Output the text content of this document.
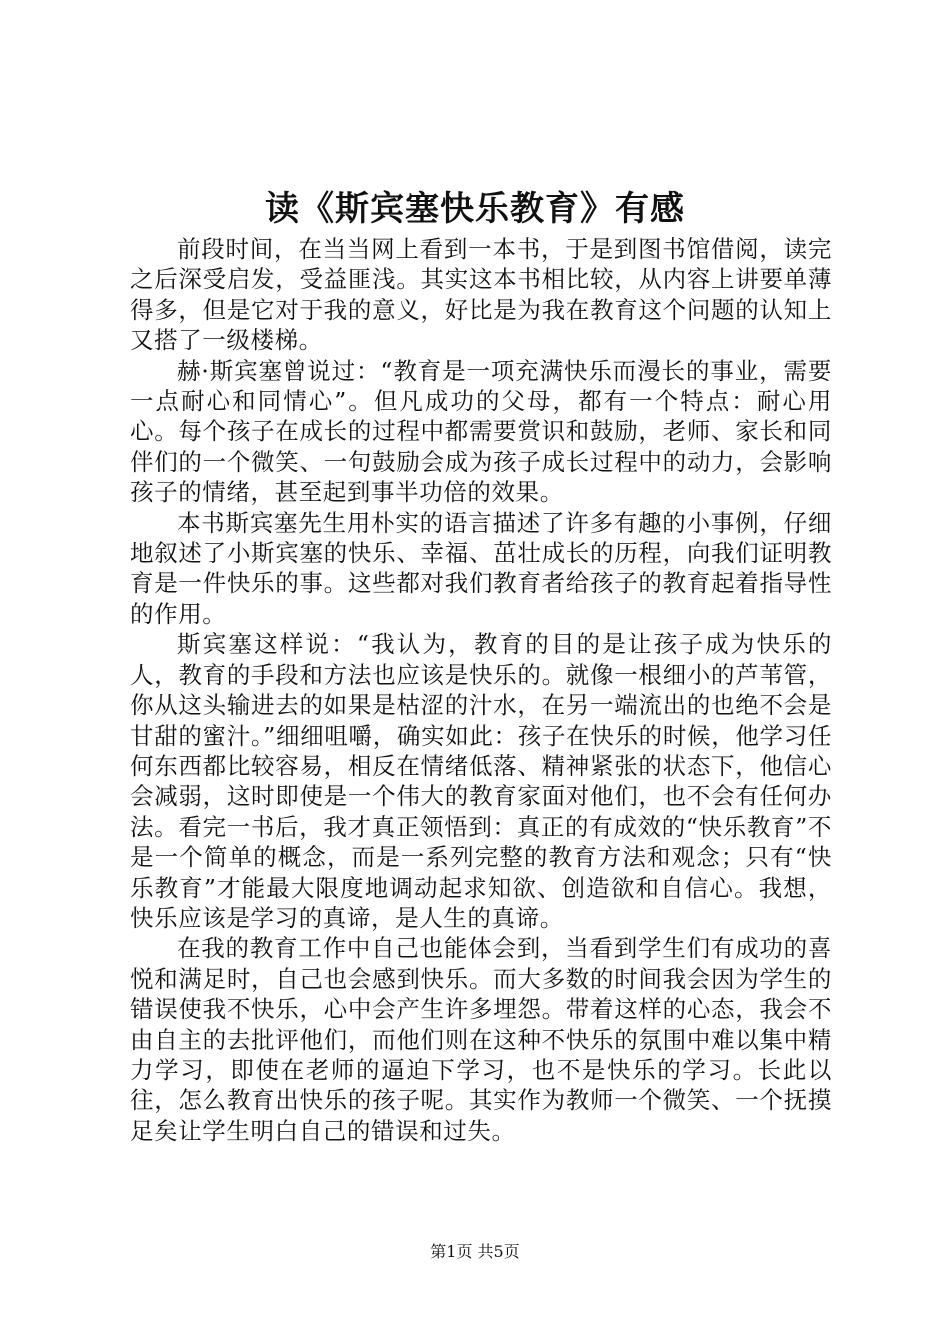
读《斯宾塞快乐教育》有感

前段时间，在当当网上看到一本书，于是到图书馆借阅，读完之后深受启发，受益匪浅。其实这本书相比较，从内容上讲要单薄得多，但是它对于我的意义，好比是为我在教育这个问题的认知上又搭了一级楼梯。

赫·斯宾塞曾说过：“教育是一项充满快乐而漫长的事业，需要一点耐心和同情心”。但凡成功的父母，都有一个特点：耐心用心。每个孩子在成长的过程中都需要赏识和鼓励，老师、家长和同伴们的一个微笑、一句鼓励会成为孩子成长过程中的动力，会影响孩子的情绪，甚至起到事半功倍的效果。

本书斯宾塞先生用朴实的语言描述了许多有趣的小事例，仔细地叙述了小斯宾塞的快乐、幸福、茁壮成长的历程，向我们证明教育是一件快乐的事。这些都对我们教育者给孩子的教育起着指导性的作用。

斯宾塞这样说：“我认为，教育的目的是让孩子成为快乐的人，教育的手段和方法也应该是快乐的。就像一根细小的芦苇管，你从这头输进去的如果是枯涩的汁水，在另一端流出的也绝不会是甘甜的蜜汁。”细细咀嚼，确实如此：孩子在快乐的时候，他学习任何东西都比较容易，相反在情绪低落、精神紧张的状态下，他信心会减弱，这时即使是一个伟大的教育家面对他们，也不会有任何办法。看完一书后，我才真正领悟到：真正的有成效的“快乐教育”不是一个简单的概念，而是一系列完整的教育方法和观念；只有“快乐教育”才能最大限度地调动起求知欲、创造欲和自信心。我想，快乐应该是学习的真谛，是人生的真谛。

在我的教育工作中自己也能体会到，当看到学生们有成功的喜悦和满足时，自己也会感到快乐。而大多数的时间我会因为学生的错误使我不快乐，心中会产生许多埋怨。带着这样的心态，我会不由自主的去批评他们，而他们则在这种不快乐的氛围中难以集中精力学习，即使在老师的逼迫下学习，也不是快乐的学习。长此以往，怎么教育出快乐的孩子呢。其实作为教师一个微笑、一个抚摸足矣让学生明白自己的错误和过失。

第1页 共5页
